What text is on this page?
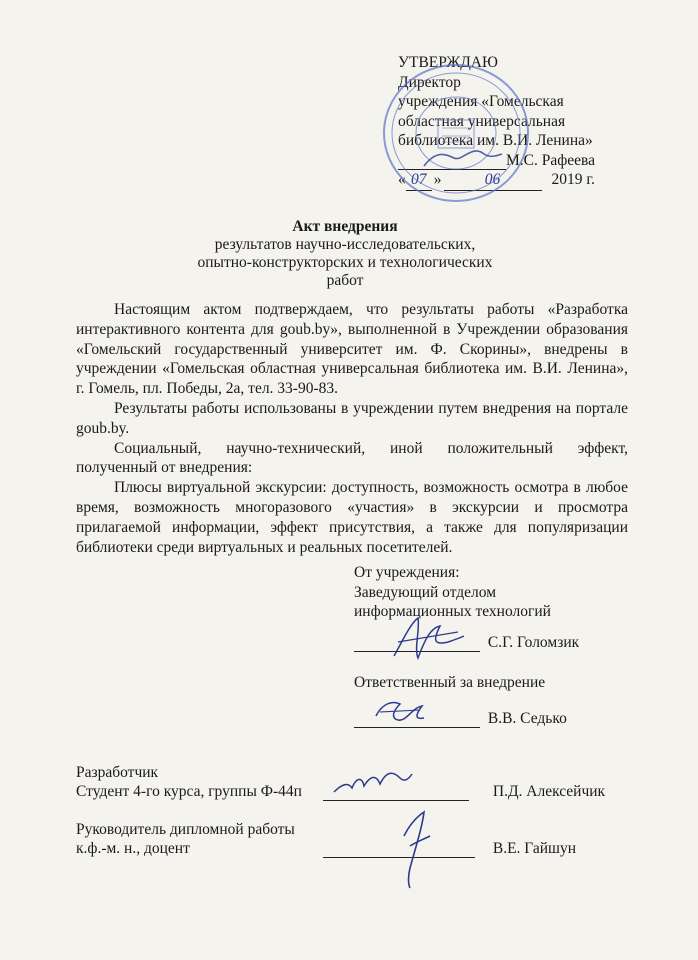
УТВЕРЖДАЮ
Директор
учреждения «Гомельская
областная универсальная
библиотека им. В.И. Ленина»
М.С. Рафеева
« 07 »	06	2019 г.
Акт внедрения
результатов научно-исследовательских,
опытно-конструкторских и технологических
работ

Настоящим актом подтверждаем, что результаты работы «Разработка интерактивного контента для goub.by», выполненной в Учреждении образования «Гомельский государственный университет им. Ф. Скорины», внедрены в учреждении «Гомельская областная универсальная библиотека им. В.И. Ленина», г. Гомель, пл. Победы, 2а, тел. 33-90-83.

Результаты работы использованы в учреждении путем внедрения на портале goub.by.

Социальный, научно-технический, иной положительный эффект, полученный от внедрения:

Плюсы виртуальной экскурсии: доступность, возможность осмотра в любое время, возможность многоразового «участия» в экскурсии и просмотра прилагаемой информации, эффект присутствия, а также для популяризации библиотеки среди виртуальных и реальных посетителей.

От учреждения:
Заведующий отделом
информационных технологий
С.Г. Голомзик
Ответственный за внедрение
В.В. Седько
Разработчик
Студент 4-го курса, группы Ф-44п	П.Д. Алексейчик
Руководитель дипломной работы
к.ф.-м. н., доцент	В.Е. Гайшун
